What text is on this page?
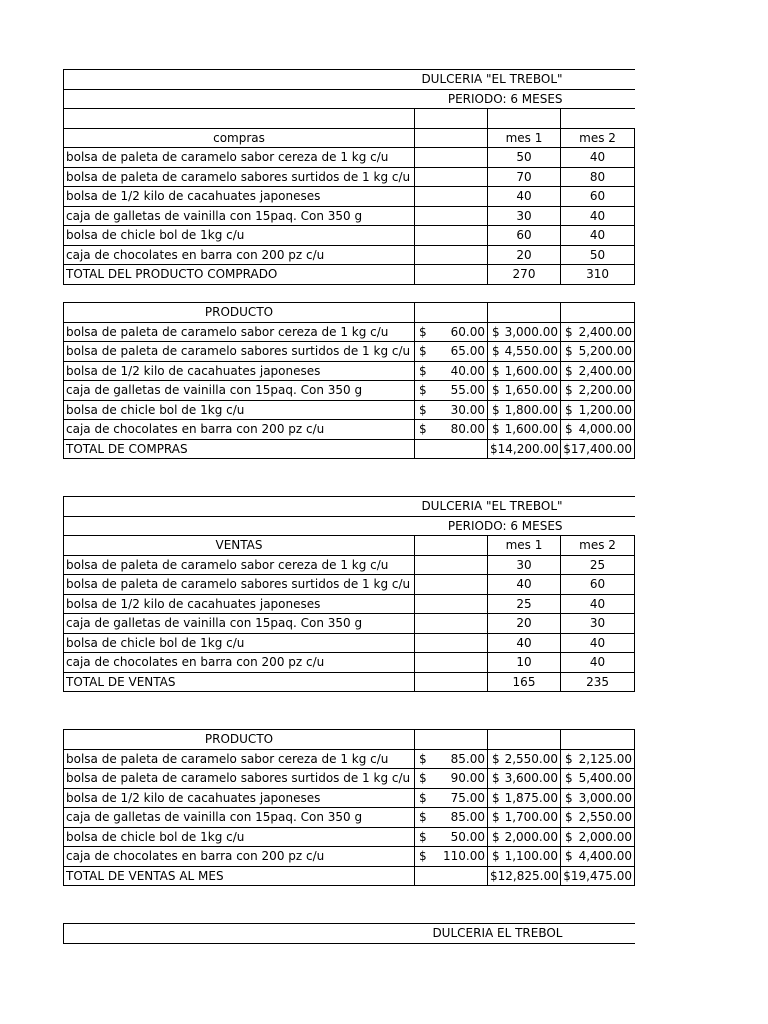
DULCERIA "EL TREBOL"			
PERIODO: 6 MESES			

compras		mes 1	mes 2
bolsa de paleta de caramelo sabor cereza de 1 kg c/u		50	40
bolsa de paleta de caramelo sabores surtidos de 1 kg c/u		70	80
bolsa de 1/2 kilo de cacahuates japoneses		40	60
caja de galletas de vainilla con 15paq. Con 350 g		30	40
bolsa de chicle bol de 1kg c/u		60	40
caja de chocolates en barra con 200 pz c/u		20	50
TOTAL DEL PRODUCTO COMPRADO		270	310
PRODUCTO			
bolsa de paleta de caramelo sabor cereza de 1 kg c/u	$ 60.00	$ 3,000.00	$ 2,400.00
bolsa de paleta de caramelo sabores surtidos de 1 kg c/u	$ 65.00	$ 4,550.00	$ 5,200.00
bolsa de 1/2 kilo de cacahuates japoneses	$ 40.00	$ 1,600.00	$ 2,400.00
caja de galletas de vainilla con 15paq. Con 350 g	$ 55.00	$ 1,650.00	$ 2,200.00
bolsa de chicle bol de 1kg c/u	$ 30.00	$ 1,800.00	$ 1,200.00
caja de chocolates en barra con 200 pz c/u	$ 80.00	$ 1,600.00	$ 4,000.00
TOTAL DE COMPRAS		$14,200.00	$17,400.00
DULCERIA "EL TREBOL"			
PERIODO: 6 MESES			
VENTAS		mes 1	mes 2
bolsa de paleta de caramelo sabor cereza de 1 kg c/u		30	25
bolsa de paleta de caramelo sabores surtidos de 1 kg c/u		40	60
bolsa de 1/2 kilo de cacahuates japoneses		25	40
caja de galletas de vainilla con 15paq. Con 350 g		20	30
bolsa de chicle bol de 1kg c/u		40	40
caja de chocolates en barra con 200 pz c/u		10	40
TOTAL DE VENTAS		165	235
PRODUCTO			
bolsa de paleta de caramelo sabor cereza de 1 kg c/u	$ 85.00	$ 2,550.00	$ 2,125.00
bolsa de paleta de caramelo sabores surtidos de 1 kg c/u	$ 90.00	$ 3,600.00	$ 5,400.00
bolsa de 1/2 kilo de cacahuates japoneses	$ 75.00	$ 1,875.00	$ 3,000.00
caja de galletas de vainilla con 15paq. Con 350 g	$ 85.00	$ 1,700.00	$ 2,550.00
bolsa de chicle bol de 1kg c/u	$ 50.00	$ 2,000.00	$ 2,000.00
caja de chocolates en barra con 200 pz c/u	$ 110.00	$ 1,100.00	$ 4,400.00
TOTAL DE VENTAS AL MES		$12,825.00	$19,475.00
DULCERIA EL TREBOL
